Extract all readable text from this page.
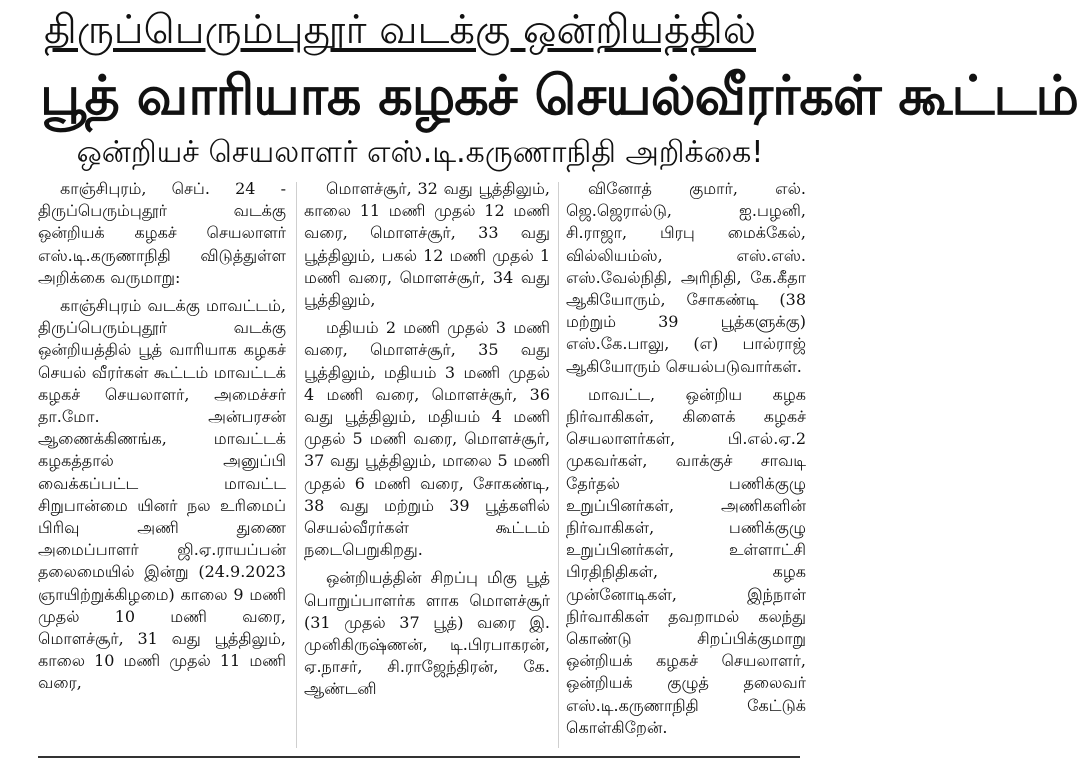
திருப்பெரும்புதூர் வடக்கு ஒன்றியத்தில்
பூத் வாரியாக கழகச் செயல்வீரர்கள் கூட்டம்
ஒன்றியச் செயலாளர் எஸ்.டி.கருணாநிதி அறிக்கை!

காஞ்சிபுரம், செப். 24 - திருப்பெரும்புதூர் வடக்கு ஒன்றியக் கழகச் செயலாளர் எஸ்.டி.கருணாநிதி விடுத்துள்ள அறிக்கை வருமாறு:

காஞ்சிபுரம் வடக்கு மாவட்டம், திருப்பெரும்புதூர் வடக்கு ஒன்றியத்தில் பூத் வாரியாக கழகச் செயல் வீரர்கள் கூட்டம் மாவட்டக் கழகச் செயலாளர், அமைச்சர் தா.மோ. அன்பரசன் ஆணைக்கிணங்க, மாவட்டக் கழகத்தால் அனுப்பி வைக்கப்பட்ட மாவட்ட சிறுபான்மை யினர் நல உரிமைப் பிரிவு அணி துணை அமைப்பாளர் ஜி.ஏ.ராயப்பன் தலைமையில் இன்று (24.9.2023 ஞாயிற்றுக்கிழமை) காலை 9 மணி முதல் 10 மணி வரை, மொளச்சூர், 31 வது பூத்திலும், காலை 10 மணி முதல் 11 மணி வரை,

மொளச்சூர், 32 வது பூத்திலும், காலை 11 மணி முதல் 12 மணி வரை, மொளச்சூர், 33 வது பூத்திலும், பகல் 12 மணி முதல் 1 மணி வரை, மொளச்சூர், 34 வது பூத்திலும்,

மதியம் 2 மணி முதல் 3 மணி வரை, மொளச்சூர், 35 வது பூத்திலும், மதியம் 3 மணி முதல் 4 மணி வரை, மொளச்சூர், 36 வது பூத்திலும், மதியம் 4 மணி முதல் 5 மணி வரை, மொளச்சூர், 37 வது பூத்திலும், மாலை 5 மணி முதல் 6 மணி வரை, சோகண்டி, 38 வது மற்றும் 39 பூத்களில் செயல்வீரர்கள் கூட்டம் நடைபெறுகிறது.

ஒன்றியத்தின் சிறப்பு மிகு பூத் பொறுப்பாளர்க ளாக மொளச்சூர் (31 முதல் 37 பூத்) வரை இ. முனிகிருஷ்ணன், டி.பிரபாகரன், ஏ.நாசர், சி.ராஜேந்திரன், கே. ஆண்டனி

வினோத் குமார், எல். ஜெ.ஜெரால்டு, ஐ.பழனி, சி.ராஜா, பிரபு மைக்கேல், வில்லியம்ஸ், எஸ்.எஸ். எஸ்.வேல்நிதி, அரிநிதி, கே.கீதா ஆகியோரும், சோகண்டி (38 மற்றும் 39 பூத்களுக்கு) எஸ்.கே.பாலு, (எ) பால்ராஜ் ஆகியோரும் செயல்படுவார்கள்.

மாவட்ட, ஒன்றிய கழக நிர்வாகிகள், கிளைக் கழகச் செயலாளர்கள், பி.எல்.ஏ.2 முகவர்கள், வாக்குச் சாவடி தேர்தல் பணிக்குழு உறுப்பினர்கள், அணிகளின் நிர்வாகிகள், பணிக்குழு உறுப்பினர்கள், உள்ளாட்சி பிரதிநிதிகள், கழக முன்னோடிகள், இந்நாள் நிர்வாகிகள் தவறாமல் கலந்து கொண்டு சிறப்பிக்குமாறு ஒன்றியக் கழகச் செயலாளர், ஒன்றியக் குழுத் தலைவர் எஸ்.டி.கருணாநிதி கேட்டுக் கொள்கிறேன்.
